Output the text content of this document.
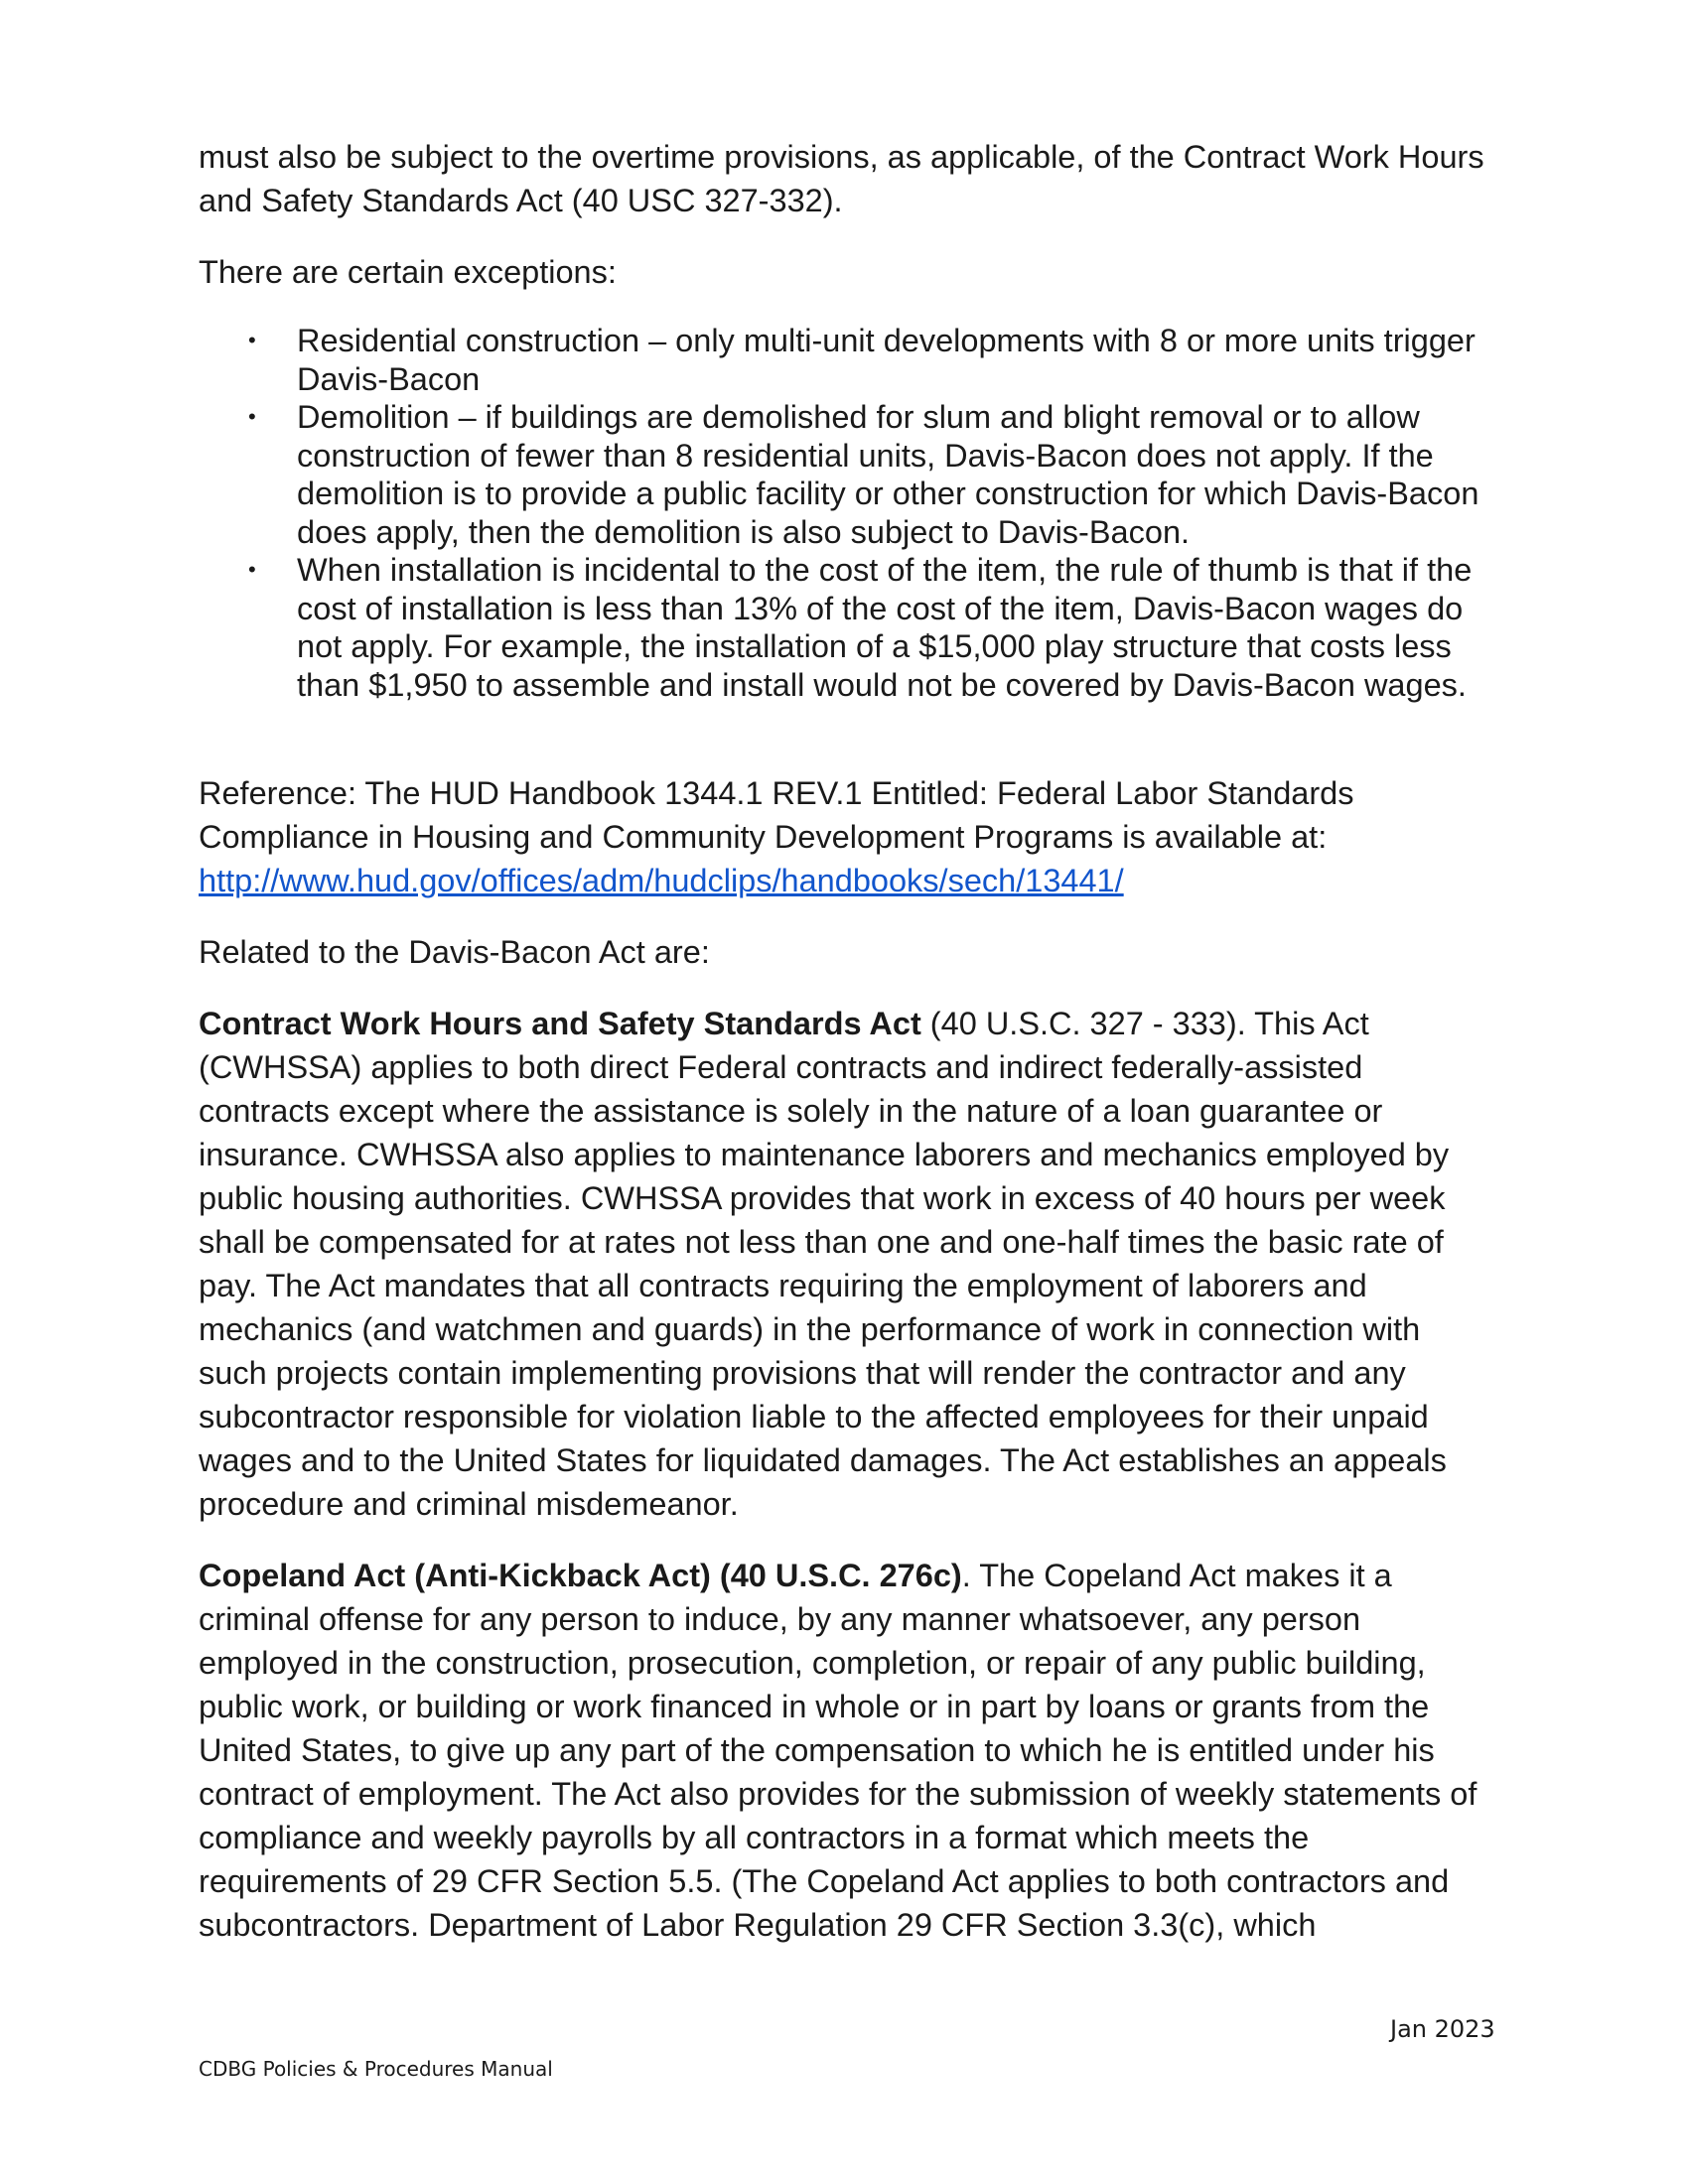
must also be subject to the overtime provisions, as applicable, of the Contract Work Hours and Safety Standards Act (40 USC 327-332).

There are certain exceptions:

• Residential construction – only multi-unit developments with 8 or more units trigger Davis-Bacon
• Demolition – if buildings are demolished for slum and blight removal or to allow construction of fewer than 8 residential units, Davis-Bacon does not apply. If the demolition is to provide a public facility or other construction for which Davis-Bacon does apply, then the demolition is also subject to Davis-Bacon.
• When installation is incidental to the cost of the item, the rule of thumb is that if the cost of installation is less than 13% of the cost of the item, Davis-Bacon wages do not apply. For example, the installation of a $15,000 play structure that costs less than $1,950 to assemble and install would not be covered by Davis-Bacon wages.

Reference: The HUD Handbook 1344.1 REV.1 Entitled: Federal Labor Standards Compliance in Housing and Community Development Programs is available at:
http://www.hud.gov/offices/adm/hudclips/handbooks/sech/13441/

Related to the Davis-Bacon Act are:

Contract Work Hours and Safety Standards Act (40 U.S.C. 327 - 333). This Act (CWHSSA) applies to both direct Federal contracts and indirect federally-assisted contracts except where the assistance is solely in the nature of a loan guarantee or insurance. CWHSSA also applies to maintenance laborers and mechanics employed by public housing authorities. CWHSSA provides that work in excess of 40 hours per week shall be compensated for at rates not less than one and one-half times the basic rate of pay. The Act mandates that all contracts requiring the employment of laborers and mechanics (and watchmen and guards) in the performance of work in connection with such projects contain implementing provisions that will render the contractor and any subcontractor responsible for violation liable to the affected employees for their unpaid wages and to the United States for liquidated damages. The Act establishes an appeals procedure and criminal misdemeanor.

Copeland Act (Anti-Kickback Act) (40 U.S.C. 276c). The Copeland Act makes it a criminal offense for any person to induce, by any manner whatsoever, any person employed in the construction, prosecution, completion, or repair of any public building, public work, or building or work financed in whole or in part by loans or grants from the United States, to give up any part of the compensation to which he is entitled under his contract of employment. The Act also provides for the submission of weekly statements of compliance and weekly payrolls by all contractors in a format which meets the requirements of 29 CFR Section 5.5. (The Copeland Act applies to both contractors and subcontractors. Department of Labor Regulation 29 CFR Section 3.3(c), which

Jan 2023
CDBG Policies & Procedures Manual
